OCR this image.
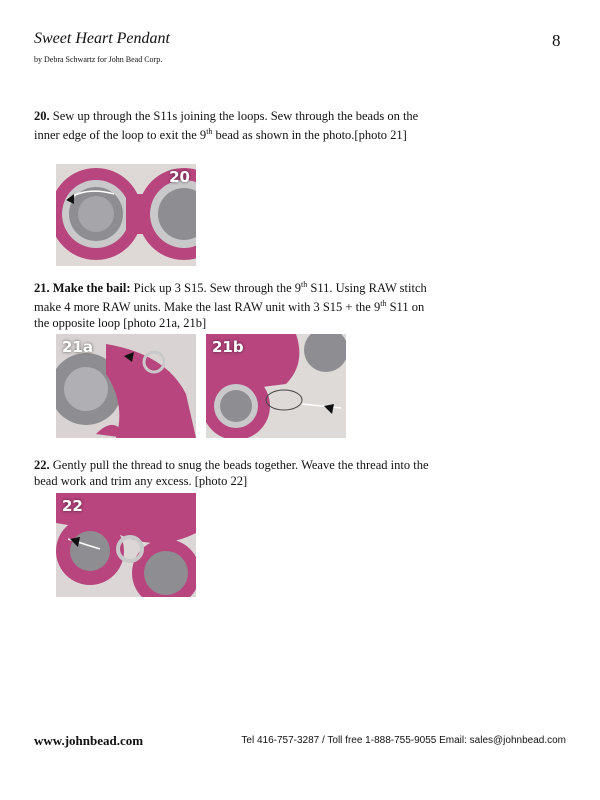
Sweet Heart Pendant
by Debra Schwartz for John Bead Corp.
8
20. Sew up through the S11s joining the loops. Sew through the beads on the inner edge of the loop to exit the 9th bead as shown in the photo.[photo 21]
20
21. Make the bail: Pick up 3 S15. Sew through the 9th S11. Using RAW stitch make 4 more RAW units. Make the last RAW unit with 3 S15 + the 9th S11 on the opposite loop [photo 21a, 21b]
21a	21b
22. Gently pull the thread to snug the beads together. Weave the thread into the bead work and trim any excess. [photo 22]
22
www.johnbead.com	Tel 416-757-3287 / Toll free 1-888-755-9055 Email: sales@johnbead.com
